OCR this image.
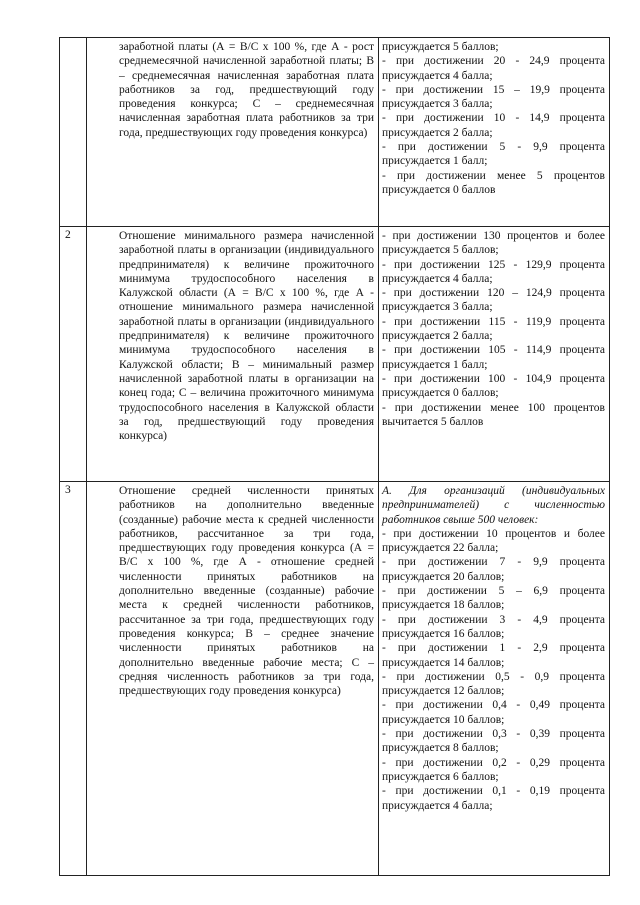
заработной платы (А = В/С x 100 %, где А - рост среднемесячной начисленной заработной платы; В – среднемесячная начисленная заработная плата работников за год, предшествующий году проведения конкурса; С – среднемесячная начисленная заработная плата работников за три года, предшествующих году проведения конкурса)
присуждается 5 баллов;
- при достижении 20 - 24,9 процента присуждается 4 балла;
- при достижении 15 – 19,9 процента присуждается 3 балла;
- при достижении 10 - 14,9 процента присуждается 2 балла;
- при достижении 5 - 9,9 процента присуждается 1 балл;
- при достижении менее 5 процентов присуждается 0 баллов
2	Отношение минимального размера начисленной заработной платы в организации (индивидуального предпринимателя) к величине прожиточного минимума трудоспособного населения в Калужской области (А = В/С x 100 %, где А - отношение минимального размера начисленной заработной платы в организации (индивидуального предпринимателя) к величине прожиточного минимума трудоспособного населения в Калужской области; В – минимальный размер начисленной заработной платы в организации на конец года; С – величина прожиточного минимума трудоспособного населения в Калужской области за год, предшествующий году проведения конкурса)
- при достижении 130 процентов и более присуждается 5 баллов;
- при достижении 125 - 129,9 процента присуждается 4 балла;
- при достижении 120 – 124,9 процента присуждается 3 балла;
- при достижении 115 - 119,9 процента присуждается 2 балла;
- при достижении 105 - 114,9 процента присуждается 1 балл;
- при достижении 100 - 104,9 процента присуждается 0 баллов;
- при достижении менее 100 процентов вычитается 5 баллов
3	Отношение средней численности принятых работников на дополнительно введенные (созданные) рабочие места к средней численности работников, рассчитанное за три года, предшествующих году проведения конкурса (А = В/С x 100 %, где А - отношение средней численности принятых работников на дополнительно введенные (созданные) рабочие места к средней численности работников, рассчитанное за три года, предшествующих году проведения конкурса; В – среднее значение численности принятых работников на дополнительно введенные рабочие места; С – средняя численность работников за три года, предшествующих году проведения конкурса)
А. Для организаций (индивидуальных предпринимателей) с численностью работников свыше 500 человек:
- при достижении 10 процентов и более присуждается 22 балла;
- при достижении 7 - 9,9 процента присуждается 20 баллов;
- при достижении 5 – 6,9 процента присуждается 18 баллов;
- при достижении 3 - 4,9 процента присуждается 16 баллов;
- при достижении 1 - 2,9 процента присуждается 14 баллов;
- при достижении 0,5 - 0,9 процента присуждается 12 баллов;
- при достижении 0,4 - 0,49 процента присуждается 10 баллов;
- при достижении 0,3 - 0,39 процента присуждается 8 баллов;
- при достижении 0,2 - 0,29 процента присуждается 6 баллов;
- при достижении 0,1 - 0,19 процента присуждается 4 балла;
